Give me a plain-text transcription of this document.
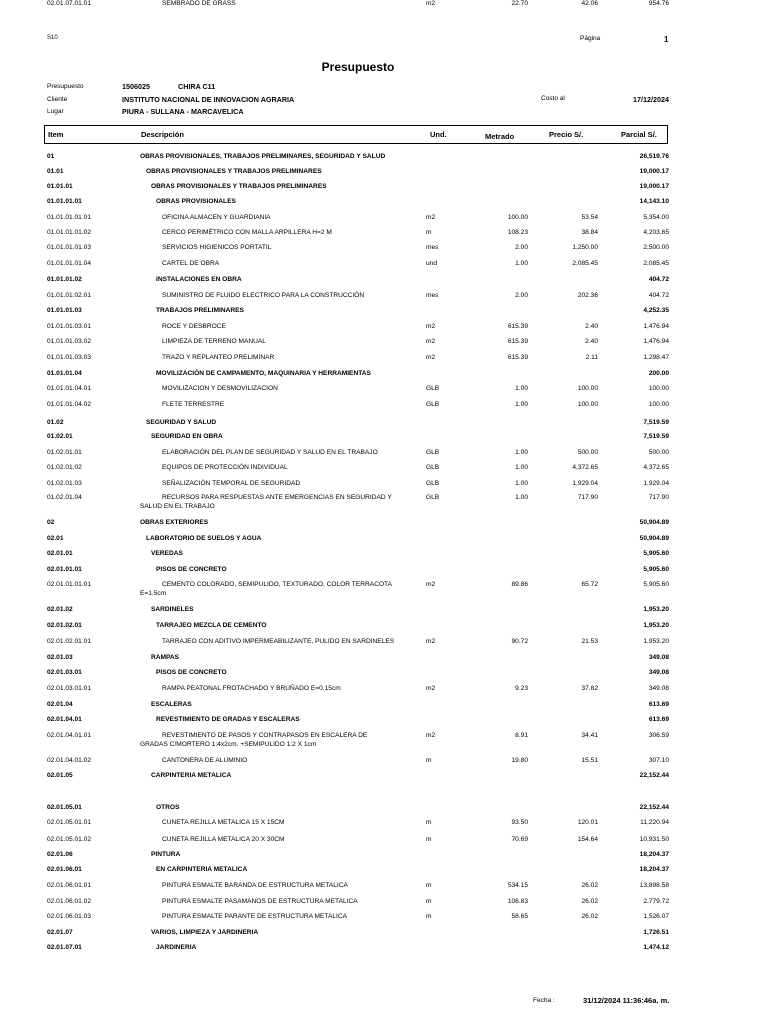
S10	Página	1
Presupuesto
Presupuesto	1506025	CHIRA C11
Cliente	INSTITUTO NACIONAL DE INNOVACION AGRARIA	Costo al	17/12/2024
Lugar	PIURA - SULLANA - MARCAVELICA
Item	Descripción	Und.	Metrado	Precio S/.	Parcial S/.
01	OBRAS PROVISIONALES, TRABAJOS PRELIMINARES, SEGURIDAD Y SALUD	26,519.76
01.01	OBRAS PROVISIONALES Y TRABAJOS PRELIMINARES	19,000.17
01.01.01	OBRAS PROVISIONALES Y TRABAJOS PRELIMINARES	19,000.17
01.01.01.01	OBRAS PROVISIONALES	14,143.10
01.01.01.01.01	OFICINA ALMACEN Y GUARDIANIA	m2	100.00	53.54	5,354.00
01.01.01.01.02	CERCO PERIMÉTRICO CON MALLA ARPILLERA H=2 M	m	108.23	38.84	4,203.65
01.01.01.01.03	SERVICIOS HIGIENICOS PORTATIL	mes	2.00	1,250.00	2,500.00
01.01.01.01.04	CARTEL DE OBRA	und	1.00	2,085.45	2,085.45
01.01.01.02	INSTALACIONES EN OBRA	404.72
01.01.01.02.01	SUMINISTRO DE FLUIDO ELECTRICO PARA LA CONSTRUCCIÓN	mes	2.00	202.36	404.72
01.01.01.03	TRABAJOS PRELIMINARES	4,252.35
01.01.01.03.01	ROCE Y DESBROCE	m2	615.39	2.40	1,476.94
01.01.01.03.02	LIMPIEZA DE TERRENO MANUAL	m2	615.39	2.40	1,476.94
01.01.01.03.03	TRAZO Y REPLANTEO PRELIMINAR	m2	615.39	2.11	1,298.47
01.01.01.04	MOVILIZACIÓN DE CAMPAMENTO, MAQUINARIA Y HERRAMIENTAS	200.00
01.01.01.04.01	MOVILIZACION Y DESMOVILIZACION	GLB	1.00	100.00	100.00
01.01.01.04.02	FLETE TERRESTRE	GLB	1.00	100.00	100.00
01.02	SEGURIDAD Y SALUD	7,519.59
01.02.01	SEGURIDAD EN OBRA	7,519.59
01.02.01.01	ELABORACIÓN DEL PLAN DE SEGURIDAD Y SALUD EN EL TRABAJO	GLB	1.00	500.00	500.00
01.02.01.02	EQUIPOS DE PROTECCIÓN INDIVIDUAL	GLB	1.00	4,372.65	4,372.65
01.02.01.03	SEÑALIZACIÓN TEMPORAL DE SEGURIDAD	GLB	1.00	1,929.04	1,929.04
01.02.01.04	RECURSOS PARA RESPUESTAS ANTE EMERGENCIAS EN SEGURIDAD Y
SALUD EN EL TRABAJO
GLB	1.00	717.90	717.90
02	OBRAS EXTERIORES	50,904.89
02.01	LABORATORIO DE SUELOS Y AGUA	50,904.89
02.01.01	VEREDAS	5,905.60
02.01.01.01	PISOS DE CONCRETO	5,905.60
02.01.01.01.01	CEMENTO COLORADO, SEMIPULIDO, TEXTURADO, COLOR TERRACOTA
E=1.5cm
m2	89.86	65.72	5,905.60
02.01.02	SARDINELES	1,953.20
02.01.02.01	TARRAJEO MEZCLA DE CEMENTO	1,953.20
02.01.02.01.01	TARRAJEO CON ADITIVO IMPERMEABILIZANTE, PULIDO EN SARDINELES	m2	90.72	21.53	1,953.20
02.01.03	RAMPAS	349.08
02.01.03.01	PISOS DE CONCRETO	349.08
02.01.03.01.01	RAMPA PEATONAL FROTACHADO Y BRUÑADO E=0.15cm	m2	9.23	37.82	349.08
02.01.04	ESCALERAS	613.69
02.01.04.01	REVESTIMIENTO DE GRADAS Y ESCALERAS	613.69
02.01.04.01.01	REVESTIMIENTO DE PASOS Y CONTRAPASOS EN ESCALERA DE
GRADAS C/MORTERO 1:4x2cm. +SEMIPULIDO 1:2 X 1cm
m2	8.91	34.41	306.59
02.01.04.01.02	CANTONERA DE ALUMINIO	m	19.80	15.51	307.10
02.01.05	CARPINTERIA METALICA	22,152.44
02.01.05.01	OTROS	22,152.44
02.01.05.01.01	CUNETA REJILLA METALICA 15 X 15CM	m	93.50	120.01	11,220.94
02.01.05.01.02	CUNETA REJILLA METALICA 20 X 30CM	m	70.69	154.64	10,931.50
02.01.06	PINTURA	18,204.37
02.01.06.01	EN CARPINTERIA METALICA	18,204.37
02.01.06.01.01	PINTURA ESMALTE BARANDA DE ESTRUCTURA METALICA	m	534.15	26.02	13,898.58
02.01.06.01.02	PINTURA ESMALTE PASAMANOS DE ESTRUCTURA METALICA	m	106.83	26.02	2,779.72
02.01.06.01.03	PINTURA ESMALTE PARANTE DE ESTRUCTURA METALICA	m	58.65	26.02	1,526.07
02.01.07	VARIOS, LIMPIEZA Y JARDINERIA	1,726.51
02.01.07.01	JARDINERIA	1,474.12
02.01.07.01.01	SEMBRADO DE GRASS	m2	22.70	42.06	954.76
Fecha :	31/12/2024 11:36:46a. m.
